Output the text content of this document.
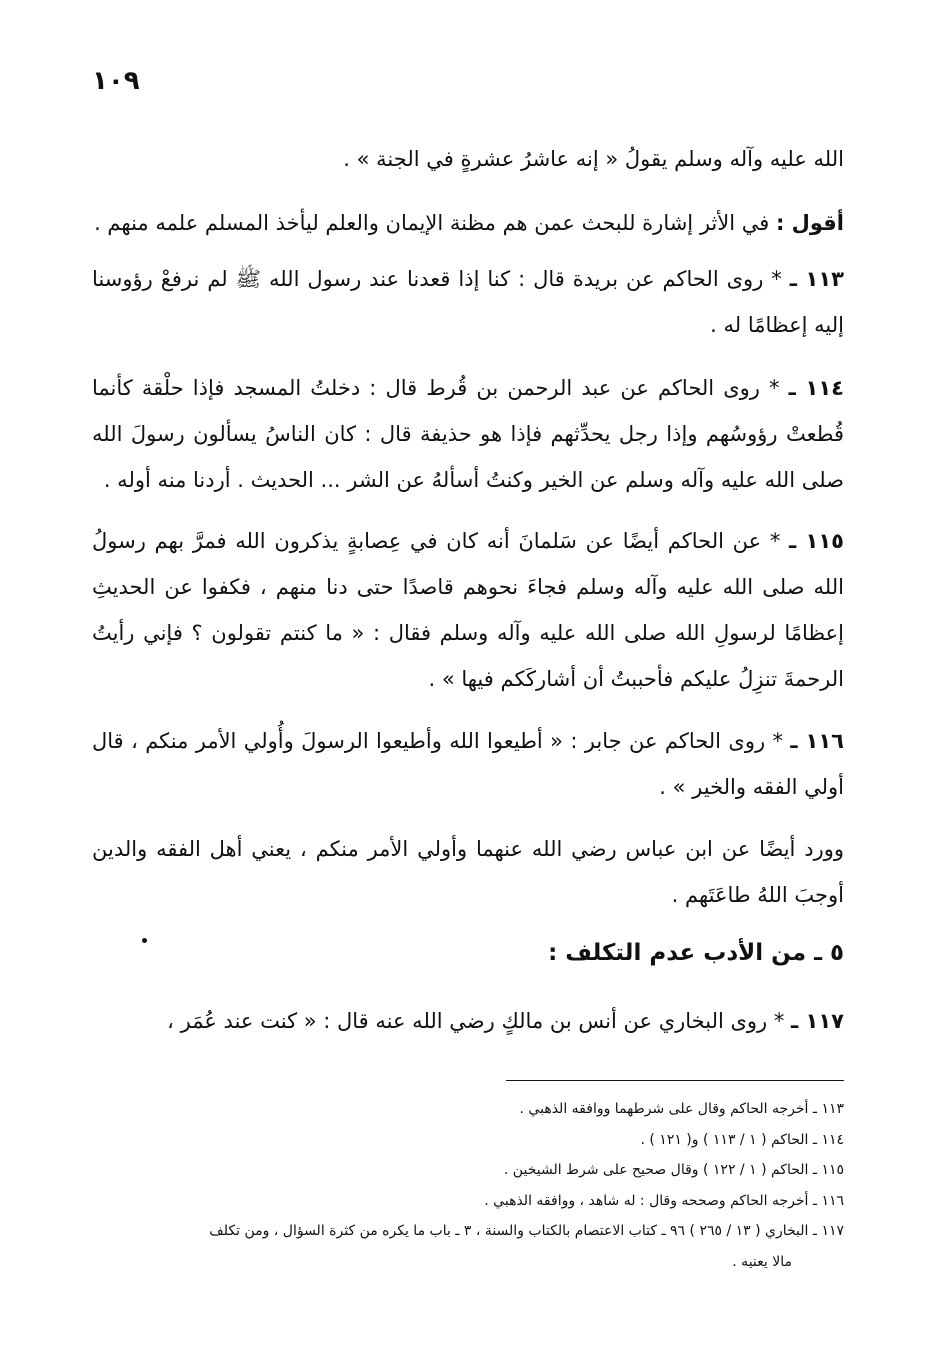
١٠٩

الله عليه وآله وسلم يقولُ « إنه عاشرُ عشرةٍ في الجنة » .

أقول : في الأثر إشارة للبحث عمن هم مظنة الإيمان والعلم ليأخذ المسلم علمه منهم .

١١٣ ـ * روى الحاكم عن بريدة قال : كنا إذا قعدنا عند رسول الله ﷺ لم نرفعْ رؤوسنا إليه إعظامًا له .

١١٤ ـ * روى الحاكم عن عبد الرحمن بن قُرط قال : دخلتُ المسجد فإذا حلْقة كأنما قُطعتْ رؤوسُهم وإذا رجل يحدِّثهم فإذا هو حذيفة قال : كان الناسُ يسألون رسولَ الله صلى الله عليه وآله وسلم عن الخير وكنتُ أسألهُ عن الشر ... الحديث . أردنا منه أوله .

١١٥ ـ * عن الحاكم أيضًا عن سَلمانَ أنه كان في عِصابةٍ يذكرون الله فمرَّ بهم رسولُ الله صلى الله عليه وآله وسلم فجاءَ نحوهم قاصدًا حتى دنا منهم ، فكفوا عن الحديثِ إعظامًا لرسولِ الله صلى الله عليه وآله وسلم فقال : « ما كنتم تقولون ؟ فإني رأيتُ الرحمةَ تنزِلُ عليكم فأحببتُ أن أشاركَكم فيها » .

١١٦ ـ * روى الحاكم عن جابر : « أطيعوا الله وأطيعوا الرسولَ وأُولي الأمر منكم ، قال أولي الفقه والخير » .

وورد أيضًا عن ابن عباس رضي الله عنهما وأولي الأمر منكم ، يعني أهل الفقه والدين أوجبَ اللهُ طاعَتَهم .

٥ ـ من الأدب عدم التكلف :

١١٧ ـ * روى البخاري عن أنس بن مالكٍ رضي الله عنه قال : « كنت عند عُمَر ،

١١٣ ـ أخرجه الحاكم وقال على شرطهما ووافقه الذهبي .
١١٤ ـ الحاكم ( ١ / ١١٣ ) و( ١٢١ ) .
١١٥ ـ الحاكم ( ١ / ١٢٢ ) وقال صحيح على شرط الشيخين .
١١٦ ـ أخرجه الحاكم وصححه وقال : له شاهد ، ووافقه الذهبي .
١١٧ ـ البخاري ( ١٣ / ٢٦٥ ) ٩٦ ـ كتاب الاعتصام بالكتاب والسنة ، ٣ ـ باب ما يكره من كثرة السؤال ، ومن تكلف
مالا يعنيه .
